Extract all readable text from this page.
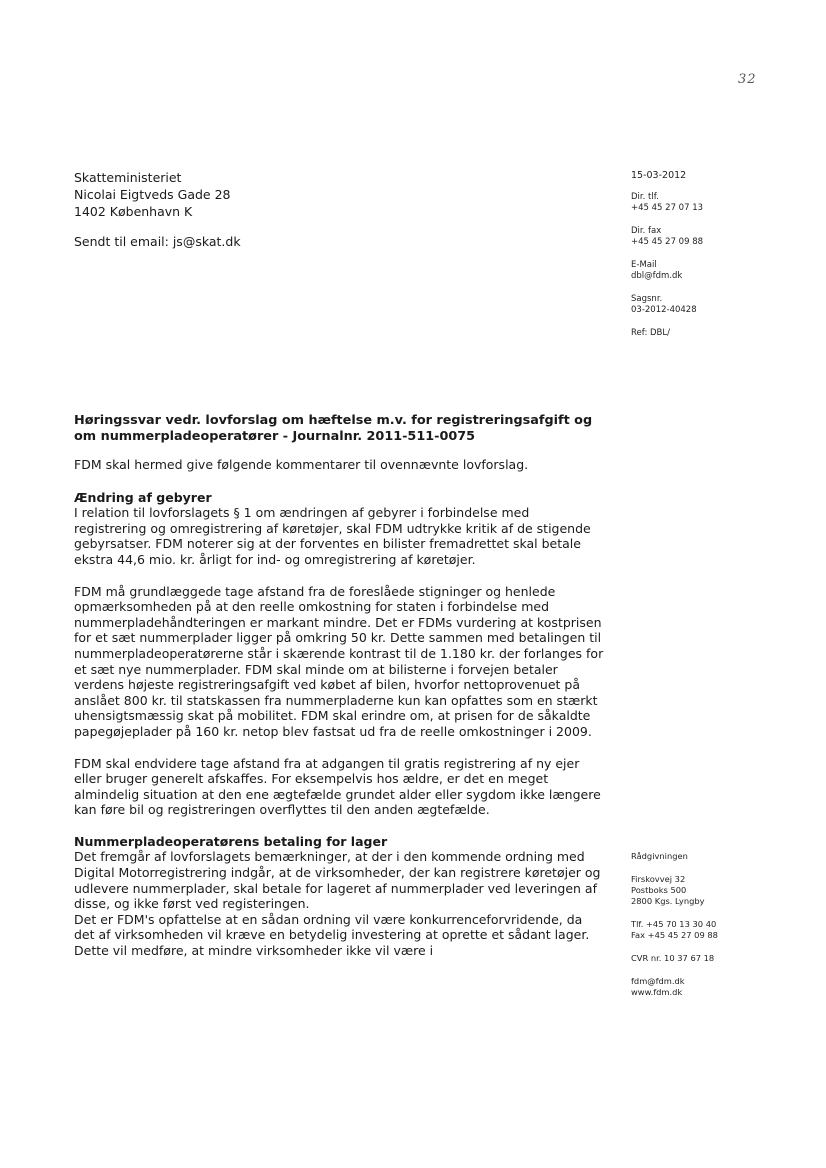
32
Skatteministeriet
Nicolai Eigtveds Gade 28
1402 København K
Sendt til email: js@skat.dk
15-03-2012
Dir. tlf.
+45 45 27 07 13
Dir. fax
+45 45 27 09 88
E-Mail
dbl@fdm.dk
Sagsnr.
03-2012-40428
Ref: DBL/
Høringssvar vedr. lovforslag om hæftelse m.v. for registreringsafgift og om nummerpladeoperatører - Journalnr. 2011-511-0075
FDM skal hermed give følgende kommentarer til ovennævnte lovforslag.
Ændring af gebyrer

I relation til lovforslagets § 1 om ændringen af gebyrer i forbindelse med registrering og omregistrering af køretøjer, skal FDM udtrykke kritik af de stigende gebyrsatser. FDM noterer sig at der forventes en bilister fremadrettet skal betale ekstra 44,6 mio. kr. årligt for ind- og omregistrering af køretøjer.

FDM må grundlæggede tage afstand fra de foreslåede stigninger og henlede opmærksomheden på at den reelle omkostning for staten i forbindelse med nummerpladehåndteringen er markant mindre. Det er FDMs vurdering at kostprisen for et sæt nummerplader ligger på omkring 50 kr. Dette sammen med betalingen til nummerpladeoperatørerne står i skærende kontrast til de 1.180 kr. der forlanges for et sæt nye nummerplader. FDM skal minde om at bilisterne i forvejen betaler verdens højeste registreringsafgift ved købet af bilen, hvorfor nettoprovenuet på anslået 800 kr. til statskassen fra nummerpladerne kun kan opfattes som en stærkt uhensigtsmæssig skat på mobilitet. FDM skal erindre om, at prisen for de såkaldte papegøjeplader på 160 kr. netop blev fastsat ud fra de reelle omkostninger i 2009.

FDM skal endvidere tage afstand fra at adgangen til gratis registrering af ny ejer eller bruger generelt afskaffes. For eksempelvis hos ældre, er det en meget almindelig situation at den ene ægtefælde grundet alder eller sygdom ikke længere kan føre bil og registreringen overflyttes til den anden ægtefælde.

Nummerpladeoperatørens betaling for lager

Det fremgår af lovforslagets bemærkninger, at der i den kommende ordning med Digital Motorregistrering indgår, at de virksomheder, der kan registrere køretøjer og udlevere nummerplader, skal betale for lageret af nummerplader ved leveringen af disse, og ikke først ved registeringen.

Det er FDM's opfattelse at en sådan ordning vil være konkurrenceforvridende, da det af virksomheden vil kræve en betydelig investering at oprette et sådant lager. Dette vil medføre, at mindre virksomheder ikke vil være i

Rådgivningen
Firskovvej 32
Postboks 500
2800 Kgs. Lyngby
Tlf. +45 70 13 30 40
Fax +45 45 27 09 88
CVR nr. 10 37 67 18
fdm@fdm.dk
www.fdm.dk
